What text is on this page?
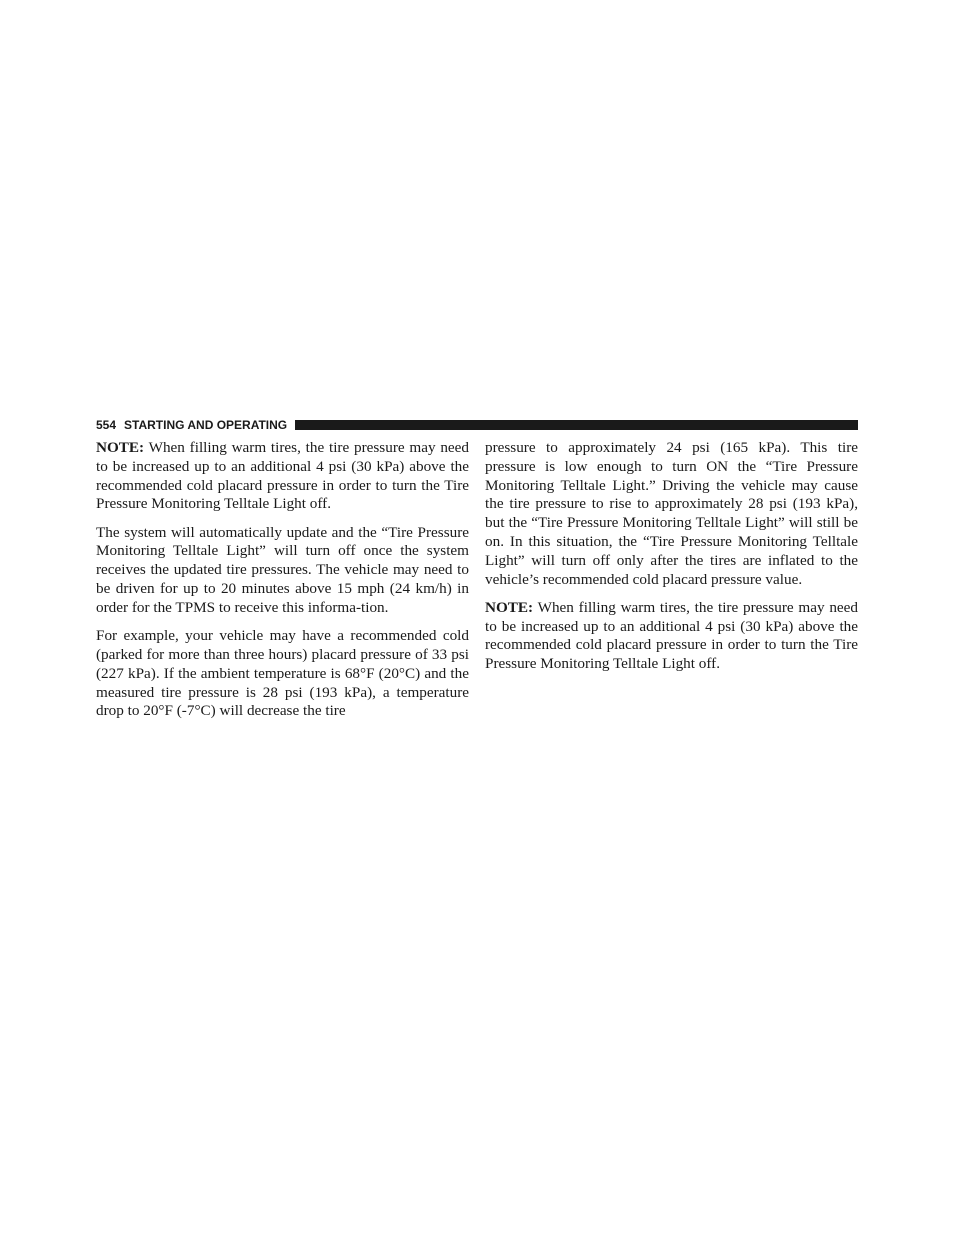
554 STARTING AND OPERATING

NOTE: When filling warm tires, the tire pressure may need to be increased up to an additional 4 psi (30 kPa) above the recommended cold placard pressure in order to turn the Tire Pressure Monitoring Telltale Light off.

The system will automatically update and the “Tire Pressure Monitoring Telltale Light” will turn off once the system receives the updated tire pressures. The vehicle may need to be driven for up to 20 minutes above 15 mph (24 km/h) in order for the TPMS to receive this informa-tion.

For example, your vehicle may have a recommended cold (parked for more than three hours) placard pressure of 33 psi (227 kPa). If the ambient temperature is 68°F (20°C) and the measured tire pressure is 28 psi (193 kPa), a temperature drop to 20°F (-7°C) will decrease the tire

pressure to approximately 24 psi (165 kPa). This tire pressure is low enough to turn ON the “Tire Pressure Monitoring Telltale Light.” Driving the vehicle may cause the tire pressure to rise to approximately 28 psi (193 kPa), but the “Tire Pressure Monitoring Telltale Light” will still be on. In this situation, the “Tire Pressure Monitoring Telltale Light” will turn off only after the tires are inflated to the vehicle’s recommended cold placard pressure value.

NOTE: When filling warm tires, the tire pressure may need to be increased up to an additional 4 psi (30 kPa) above the recommended cold placard pressure in order to turn the Tire Pressure Monitoring Telltale Light off.
